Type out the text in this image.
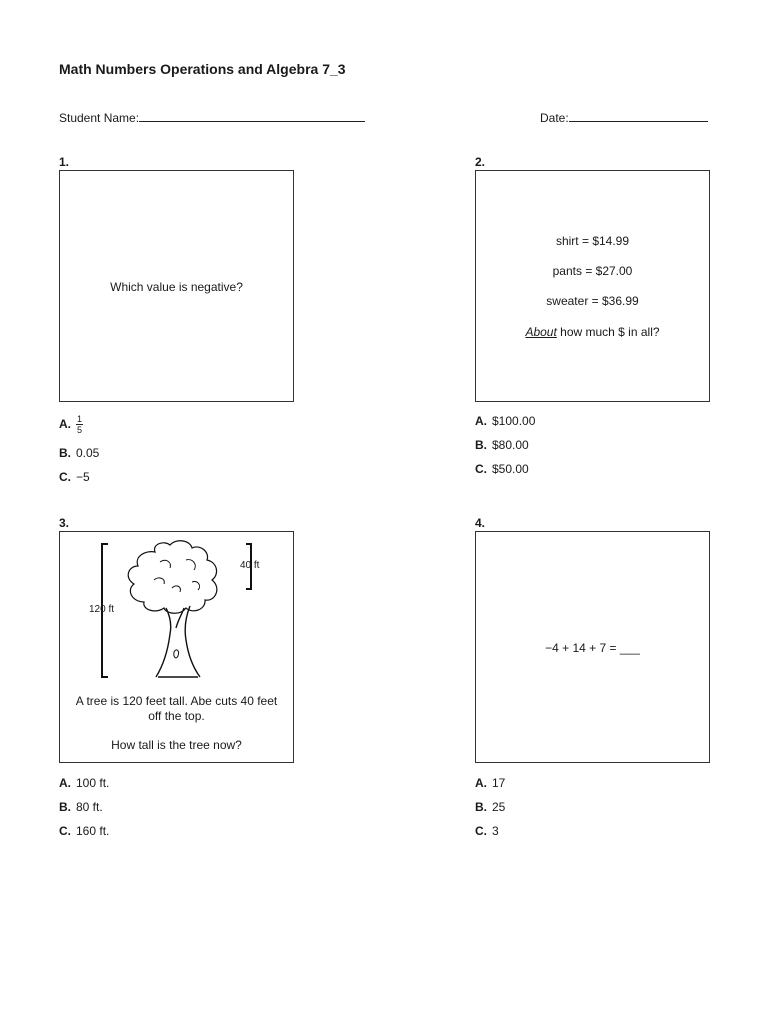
Math Numbers Operations and Algebra 7_3
Student Name:	Date:
1.
Which value is negative?
A. $\frac{1}{5}$
B. 0.05
C. −5
2.
shirt = $14.99
pants = $27.00
sweater = $36.99
About how much $ in all?
A. $100.00
B. $80.00
C. $50.00
3.
120 ft
40 ft
A tree is 120 feet tall. Abe cuts 40 feet
off the top.
How tall is the tree now?
A. 100 ft.
B. 80 ft.
C. 160 ft.
4.
−4 + 14 + 7 = ___
A. 17
B. 25
C. 3
